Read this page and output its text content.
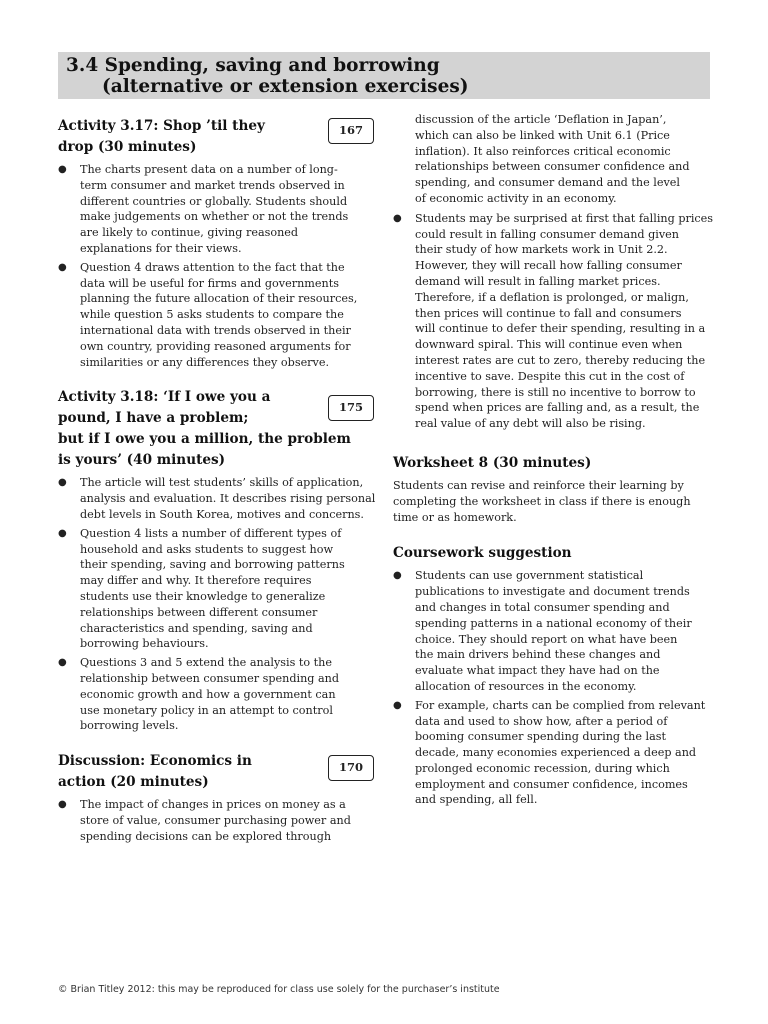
3.4 Spending, saving and borrowing
(alternative or extension exercises)
Activity 3.17: Shop ’til they
drop (30 minutes)
167
● The charts present data on a number of long-
term consumer and market trends observed in
different countries or globally. Students should
make judgements on whether or not the trends
are likely to continue, giving reasoned
explanations for their views.
● Question 4 draws attention to the fact that the
data will be useful for firms and governments
planning the future allocation of their resources,
while question 5 asks students to compare the
international data with trends observed in their
own country, providing reasoned arguments for
similarities or any differences they observe.
Activity 3.18: ‘If I owe you a
pound, I have a problem;
but if I owe you a million, the problem
is yours’ (40 minutes)
175
● The article will test students’ skills of application,
analysis and evaluation. It describes rising personal
debt levels in South Korea, motives and concerns.
● Question 4 lists a number of different types of
household and asks students to suggest how
their spending, saving and borrowing patterns
may differ and why. It therefore requires
students use their knowledge to generalize
relationships between different consumer
characteristics and spending, saving and
borrowing behaviours.
● Questions 3 and 5 extend the analysis to the
relationship between consumer spending and
economic growth and how a government can
use monetary policy in an attempt to control
borrowing levels.
Discussion: Economics in
action (20 minutes)
170
● The impact of changes in prices on money as a
store of value, consumer purchasing power and
spending decisions can be explored through
discussion of the article ‘Deflation in Japan’,
which can also be linked with Unit 6.1 (Price
inflation). It also reinforces critical economic
relationships between consumer confidence and
spending, and consumer demand and the level
of economic activity in an economy.
● Students may be surprised at first that falling prices
could result in falling consumer demand given
their study of how markets work in Unit 2.2.
However, they will recall how falling consumer
demand will result in falling market prices.
Therefore, if a deflation is prolonged, or malign,
then prices will continue to fall and consumers
will continue to defer their spending, resulting in a
downward spiral. This will continue even when
interest rates are cut to zero, thereby reducing the
incentive to save. Despite this cut in the cost of
borrowing, there is still no incentive to borrow to
spend when prices are falling and, as a result, the
real value of any debt will also be rising.
Worksheet 8 (30 minutes)
Students can revise and reinforce their learning by
completing the worksheet in class if there is enough
time or as homework.
Coursework suggestion
● Students can use government statistical
publications to investigate and document trends
and changes in total consumer spending and
spending patterns in a national economy of their
choice. They should report on what have been
the main drivers behind these changes and
evaluate what impact they have had on the
allocation of resources in the economy.
● For example, charts can be complied from relevant
data and used to show how, after a period of
booming consumer spending during the last
decade, many economies experienced a deep and
prolonged economic recession, during which
employment and consumer confidence, incomes
and spending, all fell.
© Brian Titley 2012: this may be reproduced for class use solely for the purchaser’s institute
